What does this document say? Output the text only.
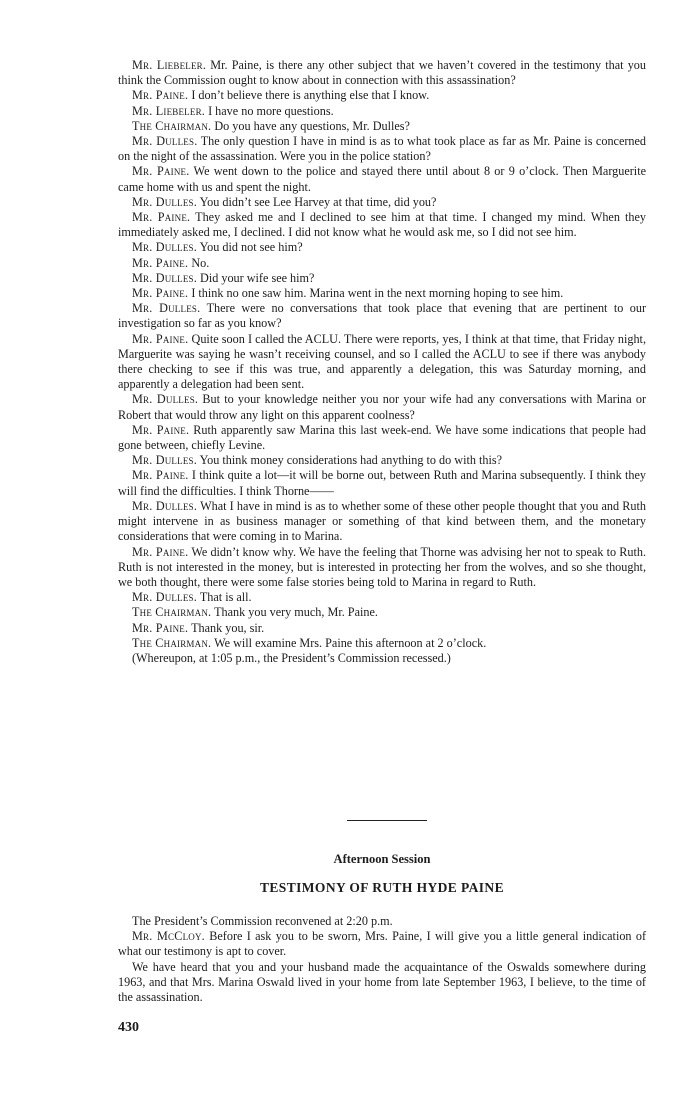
Mr. Liebeler. Mr. Paine, is there any other subject that we haven’t covered in the testimony that you think the Commission ought to know about in connection with this assassination?

Mr. Paine. I don’t believe there is anything else that I know.

Mr. Liebeler. I have no more questions.

The Chairman. Do you have any questions, Mr. Dulles?

Mr. Dulles. The only question I have in mind is as to what took place as far as Mr. Paine is concerned on the night of the assassination. Were you in the police station?

Mr. Paine. We went down to the police and stayed there until about 8 or 9 o’clock. Then Marguerite came home with us and spent the night.

Mr. Dulles. You didn’t see Lee Harvey at that time, did you?

Mr. Paine. They asked me and I declined to see him at that time. I changed my mind. When they immediately asked me, I declined. I did not know what he would ask me, so I did not see him.

Mr. Dulles. You did not see him?

Mr. Paine. No.

Mr. Dulles. Did your wife see him?

Mr. Paine. I think no one saw him. Marina went in the next morning hoping to see him.

Mr. Dulles. There were no conversations that took place that evening that are pertinent to our investigation so far as you know?

Mr. Paine. Quite soon I called the ACLU. There were reports, yes, I think at that time, that Friday night, Marguerite was saying he wasn’t receiving counsel, and so I called the ACLU to see if there was anybody there checking to see if this was true, and apparently a delegation, this was Saturday morning, and apparently a delegation had been sent.

Mr. Dulles. But to your knowledge neither you nor your wife had any conversations with Marina or Robert that would throw any light on this apparent coolness?

Mr. Paine. Ruth apparently saw Marina this last week-end. We have some indications that people had gone between, chiefly Levine.

Mr. Dulles. You think money considerations had anything to do with this?

Mr. Paine. I think quite a lot—it will be borne out, between Ruth and Marina subsequently. I think they will find the difficulties. I think Thorne——

Mr. Dulles. What I have in mind is as to whether some of these other people thought that you and Ruth might intervene in as business manager or something of that kind between them, and the monetary considerations that were coming in to Marina.

Mr. Paine. We didn’t know why. We have the feeling that Thorne was advising her not to speak to Ruth. Ruth is not interested in the money, but is interested in protecting her from the wolves, and so she thought, we both thought, there were some false stories being told to Marina in regard to Ruth.

Mr. Dulles. That is all.

The Chairman. Thank you very much, Mr. Paine.

Mr. Paine. Thank you, sir.

The Chairman. We will examine Mrs. Paine this afternoon at 2 o’clock.

(Whereupon, at 1:05 p.m., the President’s Commission recessed.)

Afternoon Session
TESTIMONY OF RUTH HYDE PAINE

The President’s Commission reconvened at 2:20 p.m.

Mr. McCloy. Before I ask you to be sworn, Mrs. Paine, I will give you a little general indication of what our testimony is apt to cover.

We have heard that you and your husband made the acquaintance of the Oswalds somewhere during 1963, and that Mrs. Marina Oswald lived in your home from late September 1963, I believe, to the time of the assassination.

430
